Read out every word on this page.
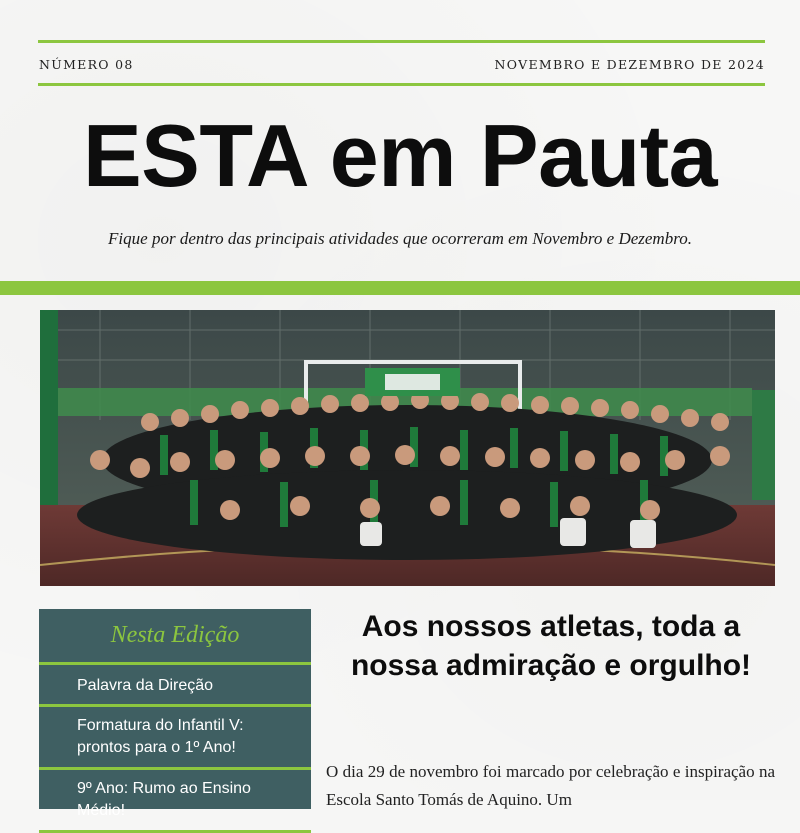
NÚMERO 08	NOVEMBRO E DEZEMBRO DE 2024
ESTA em Pauta
Fique por dentro das principais atividades que ocorreram em Novembro e Dezembro.
Nesta Edição
Palavra da Direção
Formatura do Infantil V: prontos para o 1º Ano!
9º Ano: Rumo ao Ensino Médio!
Aos nossos atletas, toda a nossa admiração e orgulho!
O dia 29 de novembro foi marcado por celebração e inspiração na Escola Santo Tomás de Aquino. Um
